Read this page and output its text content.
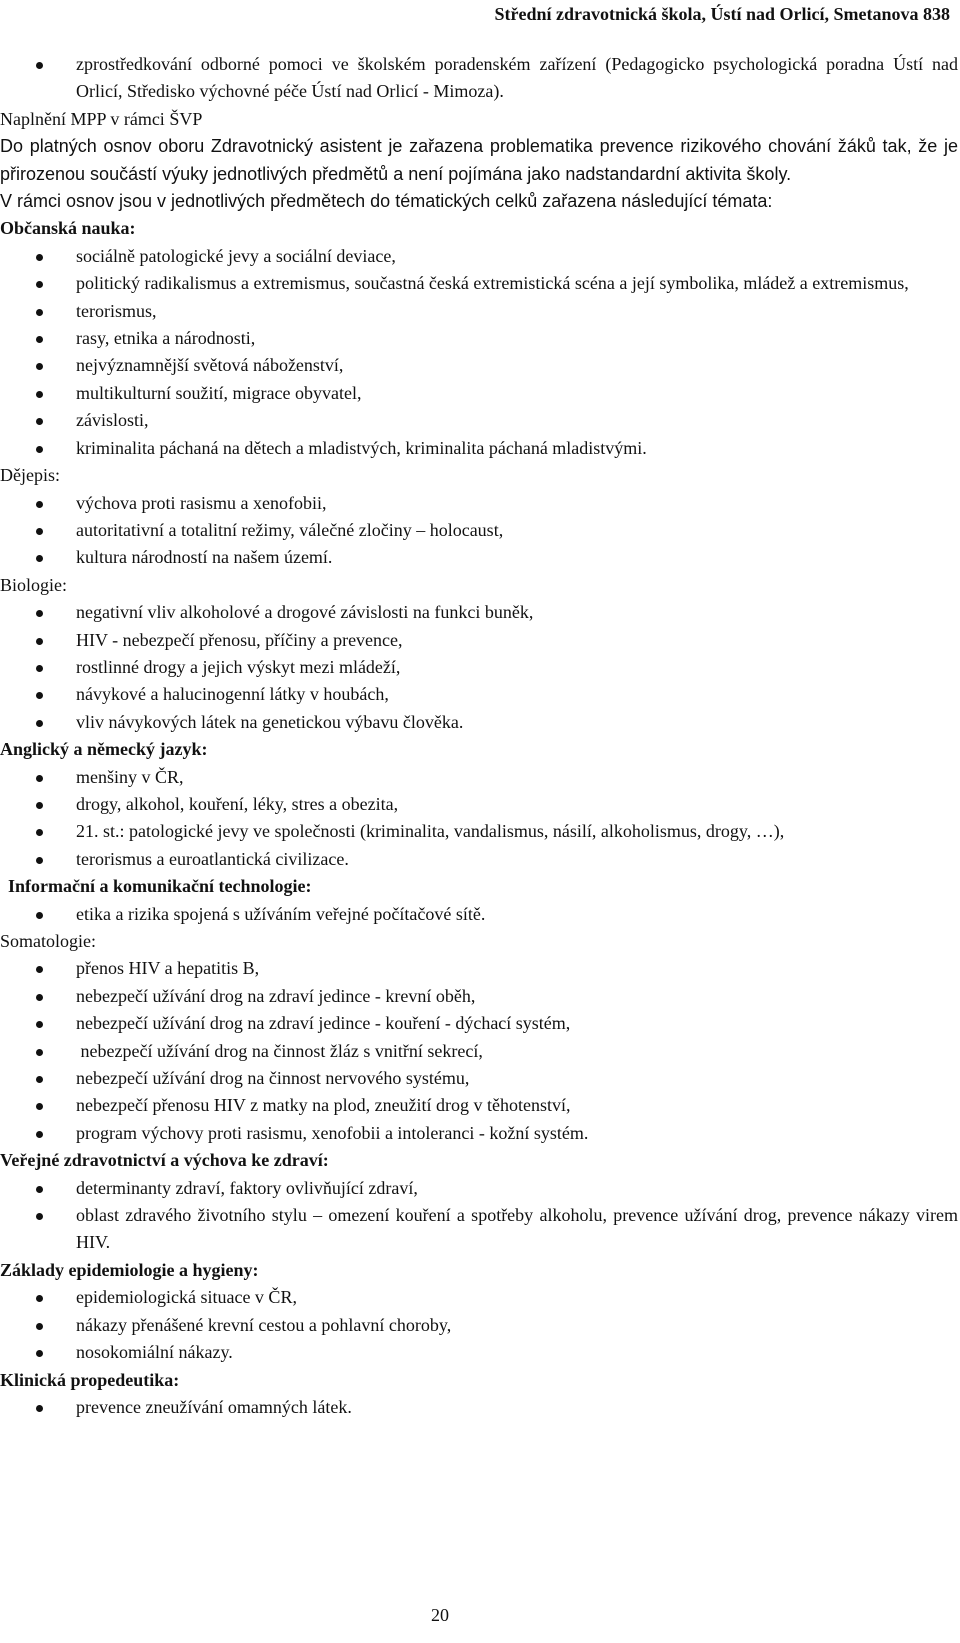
Střední zdravotnická škola, Ústí nad Orlicí, Smetanova 838
zprostředkování odborné pomoci ve školském poradenském zařízení (Pedagogicko psychologická poradna Ústí nad Orlicí, Středisko výchovné péče Ústí nad Orlicí - Mimoza).
Naplnění MPP v rámci ŠVP
Do platných osnov oboru Zdravotnický asistent je zařazena problematika prevence rizikového chování žáků tak, že je přirozenou součástí výuky jednotlivých předmětů a není pojímána jako nadstandardní aktivita školy.
V rámci osnov jsou v jednotlivých předmětech do tématických celků zařazena následující témata:
Občanská nauka:
sociálně patologické jevy a sociální deviace,
politický radikalismus a extremismus, součastná česká extremistická scéna a její symbolika, mládež a extremismus,
terorismus,
rasy, etnika a národnosti,
nejvýznamnější světová náboženství,
multikulturní soužití, migrace obyvatel,
závislosti,
kriminalita páchaná na dětech a mladistvých, kriminalita páchaná mladistvými.
Dějepis:
výchova proti rasismu a xenofobii,
autoritativní a totalitní režimy, válečné zločiny – holocaust,
kultura národností na našem území.
Biologie:
negativní vliv alkoholové a drogové závislosti na funkci buněk,
HIV - nebezpečí přenosu, příčiny a prevence,
rostlinné drogy a jejich výskyt mezi mládeží,
návykové a halucinogenní látky v houbách,
vliv návykových látek na genetickou výbavu člověka.
Anglický a německý jazyk:
menšiny v ČR,
drogy, alkohol, kouření, léky, stres a obezita,
21. st.: patologické jevy ve společnosti (kriminalita, vandalismus, násilí, alkoholismus, drogy, …),
terorismus a euroatlantická civilizace.
Informační a komunikační technologie:
etika a rizika spojená s užíváním veřejné počítačové sítě.
Somatologie:
přenos HIV a hepatitis B,
nebezpečí užívání drog na zdraví jedince - krevní oběh,
nebezpečí užívání drog na zdraví jedince - kouření - dýchací systém,
nebezpečí užívání drog na činnost žláz s vnitřní sekrecí,
nebezpečí užívání drog na činnost nervového systému,
nebezpečí přenosu HIV z matky na plod, zneužití drog v těhotenství,
program výchovy proti rasismu, xenofobii a intoleranci - kožní systém.
Veřejné zdravotnictví a výchova ke zdraví:
determinanty zdraví, faktory ovlivňující zdraví,
oblast zdravého životního stylu – omezení kouření a spotřeby alkoholu, prevence užívání drog, prevence nákazy virem HIV.
Základy epidemiologie a hygieny:
epidemiologická situace v ČR,
nákazy přenášené krevní cestou a pohlavní choroby,
nosokomiální nákazy.
Klinická propedeutika:
prevence zneužívání omamných látek.
20
